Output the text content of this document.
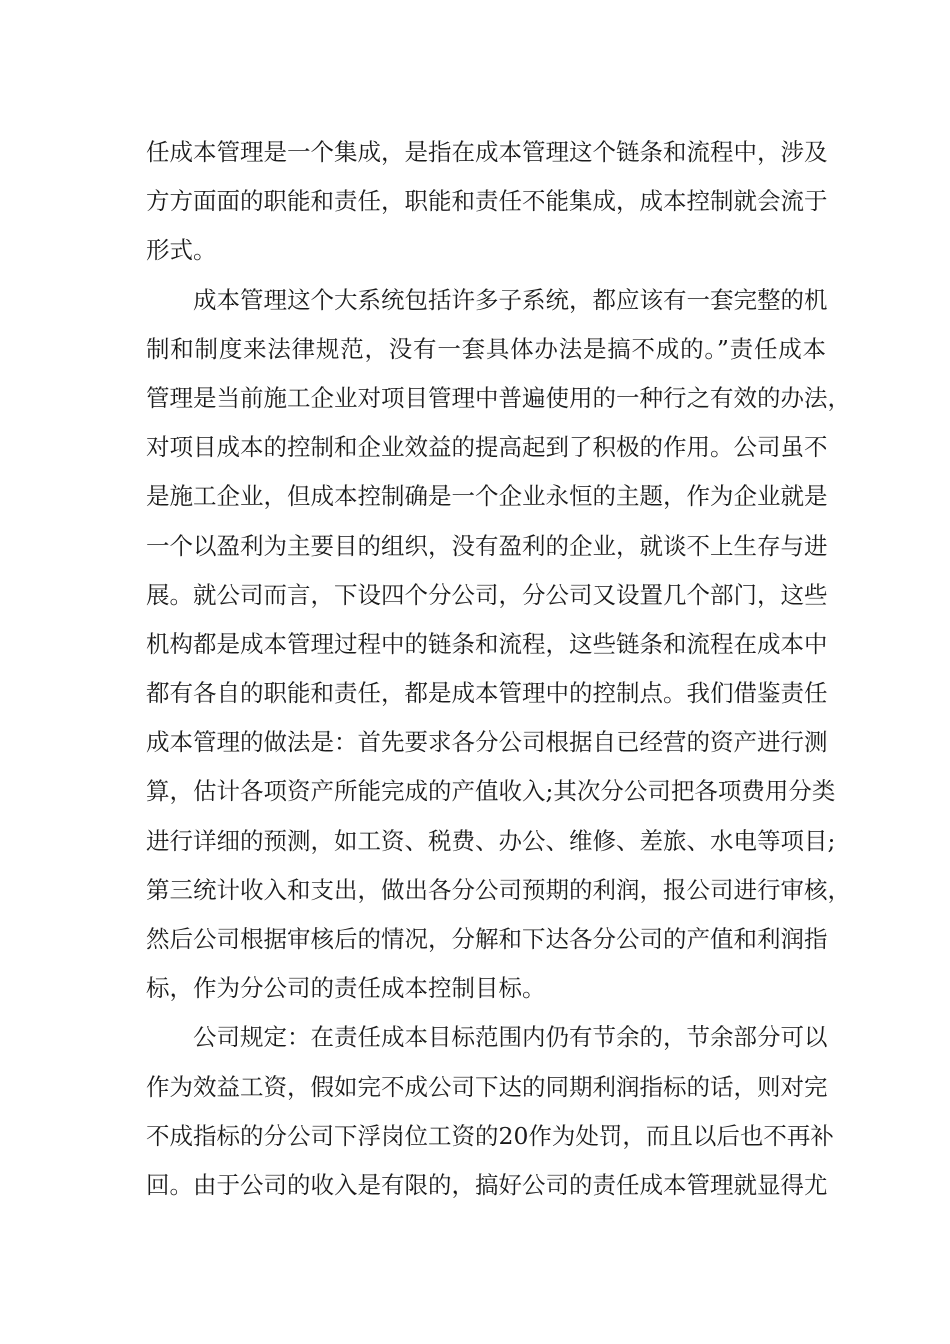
任成本管理是一个集成，是指在成本管理这个链条和流程中，涉及
方方面面的职能和责任，职能和责任不能集成，成本控制就会流于
形式。
成本管理这个大系统包括许多子系统，都应该有一套完整的机
制和制度来法律规范，没有一套具体办法是搞不成的。”责任成本
管理是当前施工企业对项目管理中普遍使用的一种行之有效的办法，
对项目成本的控制和企业效益的提高起到了积极的作用。公司虽不
是施工企业，但成本控制确是一个企业永恒的主题，作为企业就是
一个以盈利为主要目的组织，没有盈利的企业，就谈不上生存与进
展。就公司而言，下设四个分公司，分公司又设置几个部门，这些
机构都是成本管理过程中的链条和流程，这些链条和流程在成本中
都有各自的职能和责任，都是成本管理中的控制点。我们借鉴责任
成本管理的做法是：首先要求各分公司根据自已经营的资产进行测
算，估计各项资产所能完成的产值收入;其次分公司把各项费用分类
进行详细的预测，如工资、税费、办公、维修、差旅、水电等项目;
第三统计收入和支出，做出各分公司预期的利润，报公司进行审核，
然后公司根据审核后的情况，分解和下达各分公司的产值和利润指
标，作为分公司的责任成本控制目标。
公司规定：在责任成本目标范围内仍有节余的，节余部分可以
作为效益工资，假如完不成公司下达的同期利润指标的话，则对完
不成指标的分公司下浮岗位工资的20作为处罚，而且以后也不再补
回。由于公司的收入是有限的，搞好公司的责任成本管理就显得尤
